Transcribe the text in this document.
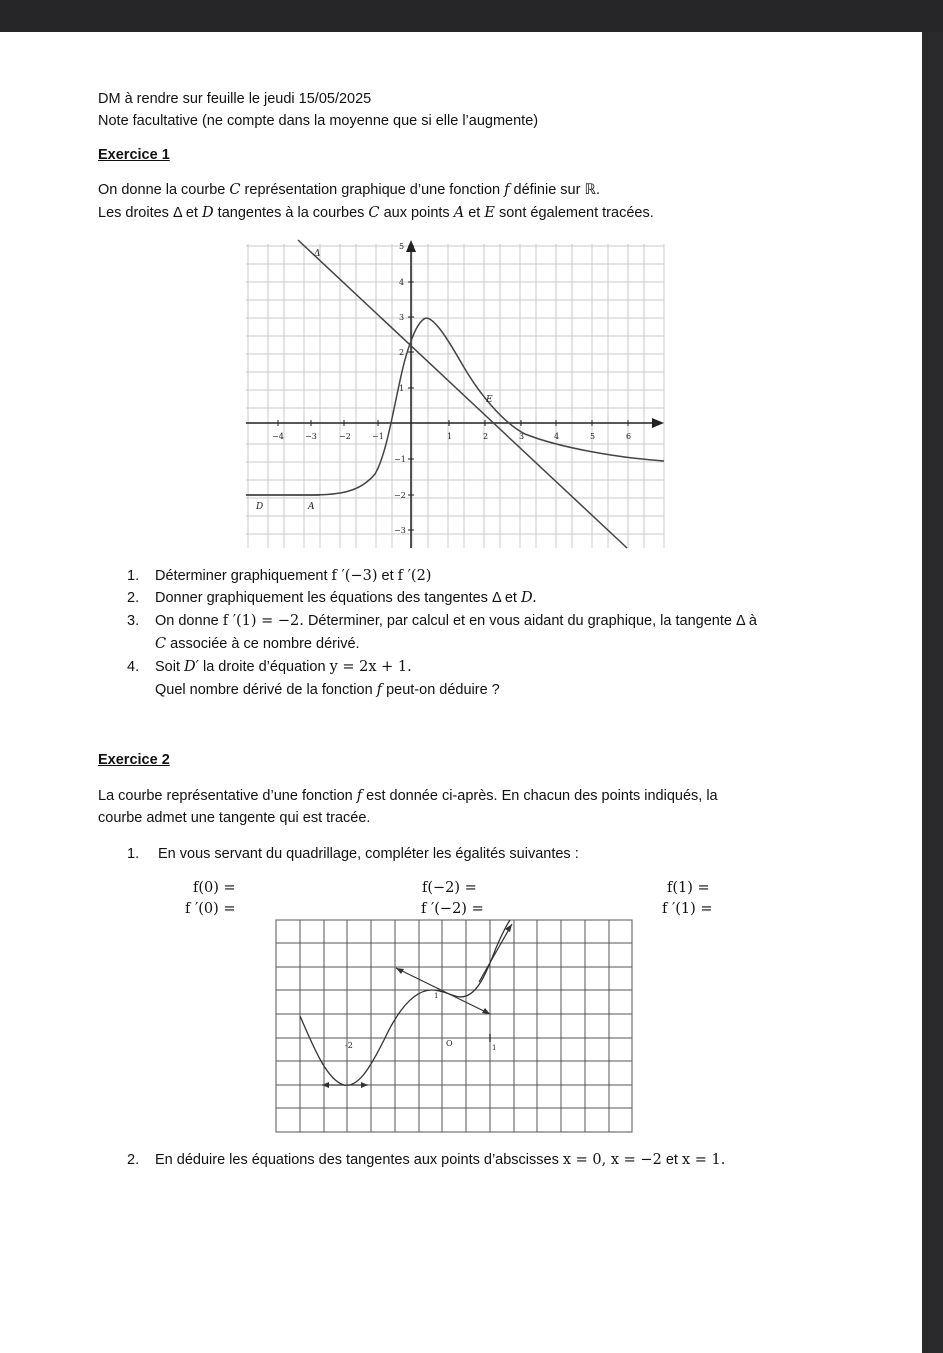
DM à rendre sur feuille le jeudi 15/05/2025
Note facultative (ne compte dans la moyenne que si elle l’augmente)
Exercice 1
On donne la courbe C représentation graphique d’une fonction f définie sur ℝ.
Les droites Δ et D tangentes à la courbes C aux points A et E sont également tracées.
−4	−3	−2	−1	1	2	3	4	5	6
5
4
3
2
1
−1
−2
−3
Δ
D	A
E
1. Déterminer graphiquement f ′(−3) et f ′(2)
2. Donner graphiquement les équations des tangentes Δ et D.
3. On donne f ′(1) = −2. Déterminer, par calcul et en vous aidant du graphique, la tangente Δ à
C associée à ce nombre dérivé.
4. Soit D′ la droite d’équation y = 2x + 1.
Quel nombre dérivé de la fonction f peut-on déduire ?
Exercice 2
La courbe représentative d’une fonction f est donnée ci-après. En chacun des points indiqués, la
courbe admet une tangente qui est tracée.
1. En vous servant du quadrillage, compléter les égalités suivantes :
f(0) =
f ′(0) =
f(−2) =
f ′(−2) =
f(1) =
f ′(1) =
-2	O	1
1
2. En déduire les équations des tangentes aux points d’abscisses x = 0, x = −2 et x = 1.
